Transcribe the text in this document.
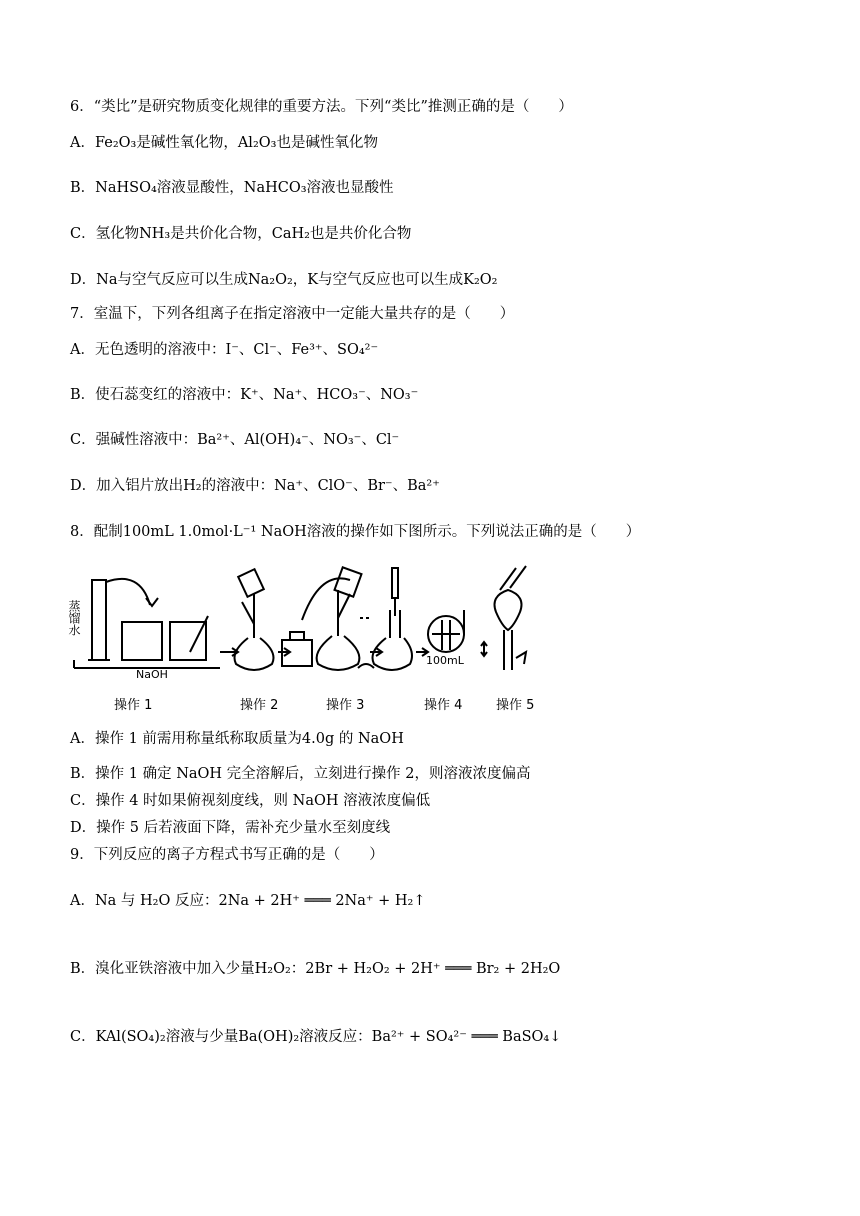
6．“类比”是研究物质变化规律的重要方法。下列“类比”推测正确的是（　　）
A．Fe₂O₃是碱性氧化物，Al₂O₃也是碱性氧化物
B．NaHSO₄溶液显酸性，NaHCO₃溶液也显酸性
C．氢化物NH₃是共价化合物，CaH₂也是共价化合物
D．Na与空气反应可以生成Na₂O₂，K与空气反应也可以生成K₂O₂
7．室温下，下列各组离子在指定溶液中一定能大量共存的是（　　）
A．无色透明的溶液中：I⁻、Cl⁻、Fe³⁺、SO₄²⁻
B．使石蕊变红的溶液中：K⁺、Na⁺、HCO₃⁻、NO₃⁻
C．强碱性溶液中：Ba²⁺、Al(OH)₄⁻、NO₃⁻、Cl⁻
D．加入铝片放出H₂的溶液中：Na⁺、ClO⁻、Br⁻、Ba²⁺
8．配制100mL 1.0mol·L⁻¹ NaOH溶液的操作如下图所示。下列说法正确的是（　　）
蒸馏水
NaOH
100mL
操作 1	操作 2	操作 3	操作 4	操作 5
A．操作 1 前需用称量纸称取质量为4.0g 的 NaOH
B．操作 1 确定 NaOH 完全溶解后，立刻进行操作 2，则溶液浓度偏高
C．操作 4 时如果俯视刻度线，则 NaOH 溶液浓度偏低
D．操作 5 后若液面下降，需补充少量水至刻度线
9．下列反应的离子方程式书写正确的是（　　）
A．Na 与 H₂O 反应：2Na + 2H⁺ ═══ 2Na⁺ + H₂↑
B．溴化亚铁溶液中加入少量H₂O₂：2Br + H₂O₂ + 2H⁺ ═══ Br₂ + 2H₂O
C．KAl(SO₄)₂溶液与少量Ba(OH)₂溶液反应：Ba²⁺ + SO₄²⁻ ═══ BaSO₄↓
